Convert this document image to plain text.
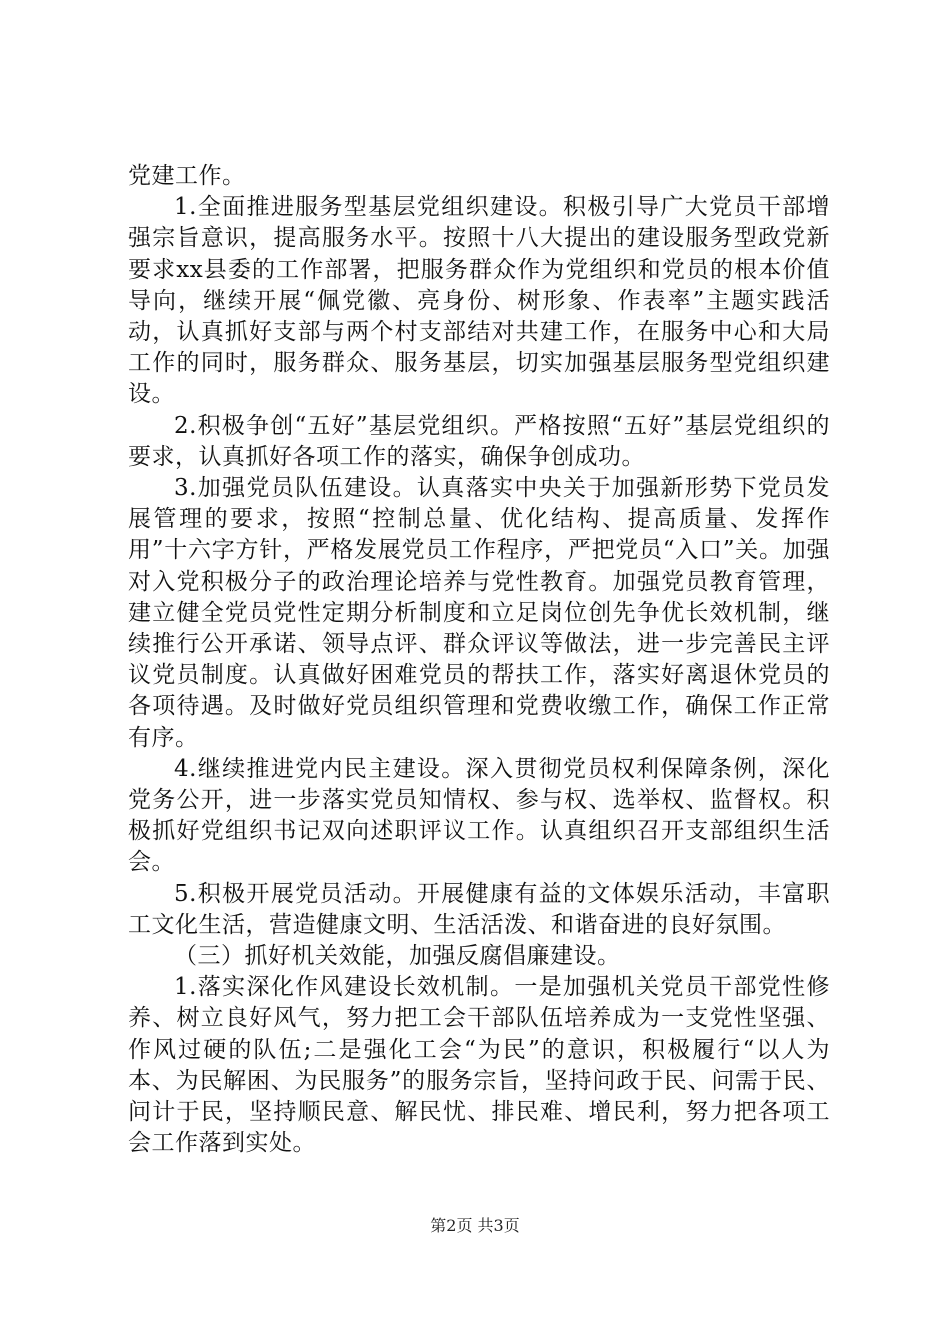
党建工作。

1.全面推进服务型基层党组织建设。积极引导广大党员干部增强宗旨意识，提高服务水平。按照十八大提出的建设服务型政党新要求xx县委的工作部署，把服务群众作为党组织和党员的根本价值导向，继续开展“佩党徽、亮身份、树形象、作表率”主题实践活动，认真抓好支部与两个村支部结对共建工作，在服务中心和大局工作的同时，服务群众、服务基层，切实加强基层服务型党组织建设。

2.积极争创“五好”基层党组织。严格按照“五好”基层党组织的要求，认真抓好各项工作的落实，确保争创成功。

3.加强党员队伍建设。认真落实中央关于加强新形势下党员发展管理的要求，按照“控制总量、优化结构、提高质量、发挥作用”十六字方针，严格发展党员工作程序，严把党员“入口”关。加强对入党积极分子的政治理论培养与党性教育。加强党员教育管理，建立健全党员党性定期分析制度和立足岗位创先争优长效机制，继续推行公开承诺、领导点评、群众评议等做法，进一步完善民主评议党员制度。认真做好困难党员的帮扶工作，落实好离退休党员的各项待遇。及时做好党员组织管理和党费收缴工作，确保工作正常有序。

4.继续推进党内民主建设。深入贯彻党员权利保障条例，深化党务公开，进一步落实党员知情权、参与权、选举权、监督权。积极抓好党组织书记双向述职评议工作。认真组织召开支部组织生活会。

5.积极开展党员活动。开展健康有益的文体娱乐活动，丰富职工文化生活，营造健康文明、生活活泼、和谐奋进的良好氛围。

（三）抓好机关效能，加强反腐倡廉建设。

1.落实深化作风建设长效机制。一是加强机关党员干部党性修养、树立良好风气，努力把工会干部队伍培养成为一支党性坚强、作风过硬的队伍;二是强化工会“为民”的意识，积极履行“以人为本、为民解困、为民服务”的服务宗旨，坚持问政于民、问需于民、问计于民，坚持顺民意、解民忧、排民难、增民利，努力把各项工会工作落到实处。

第2页 共3页
